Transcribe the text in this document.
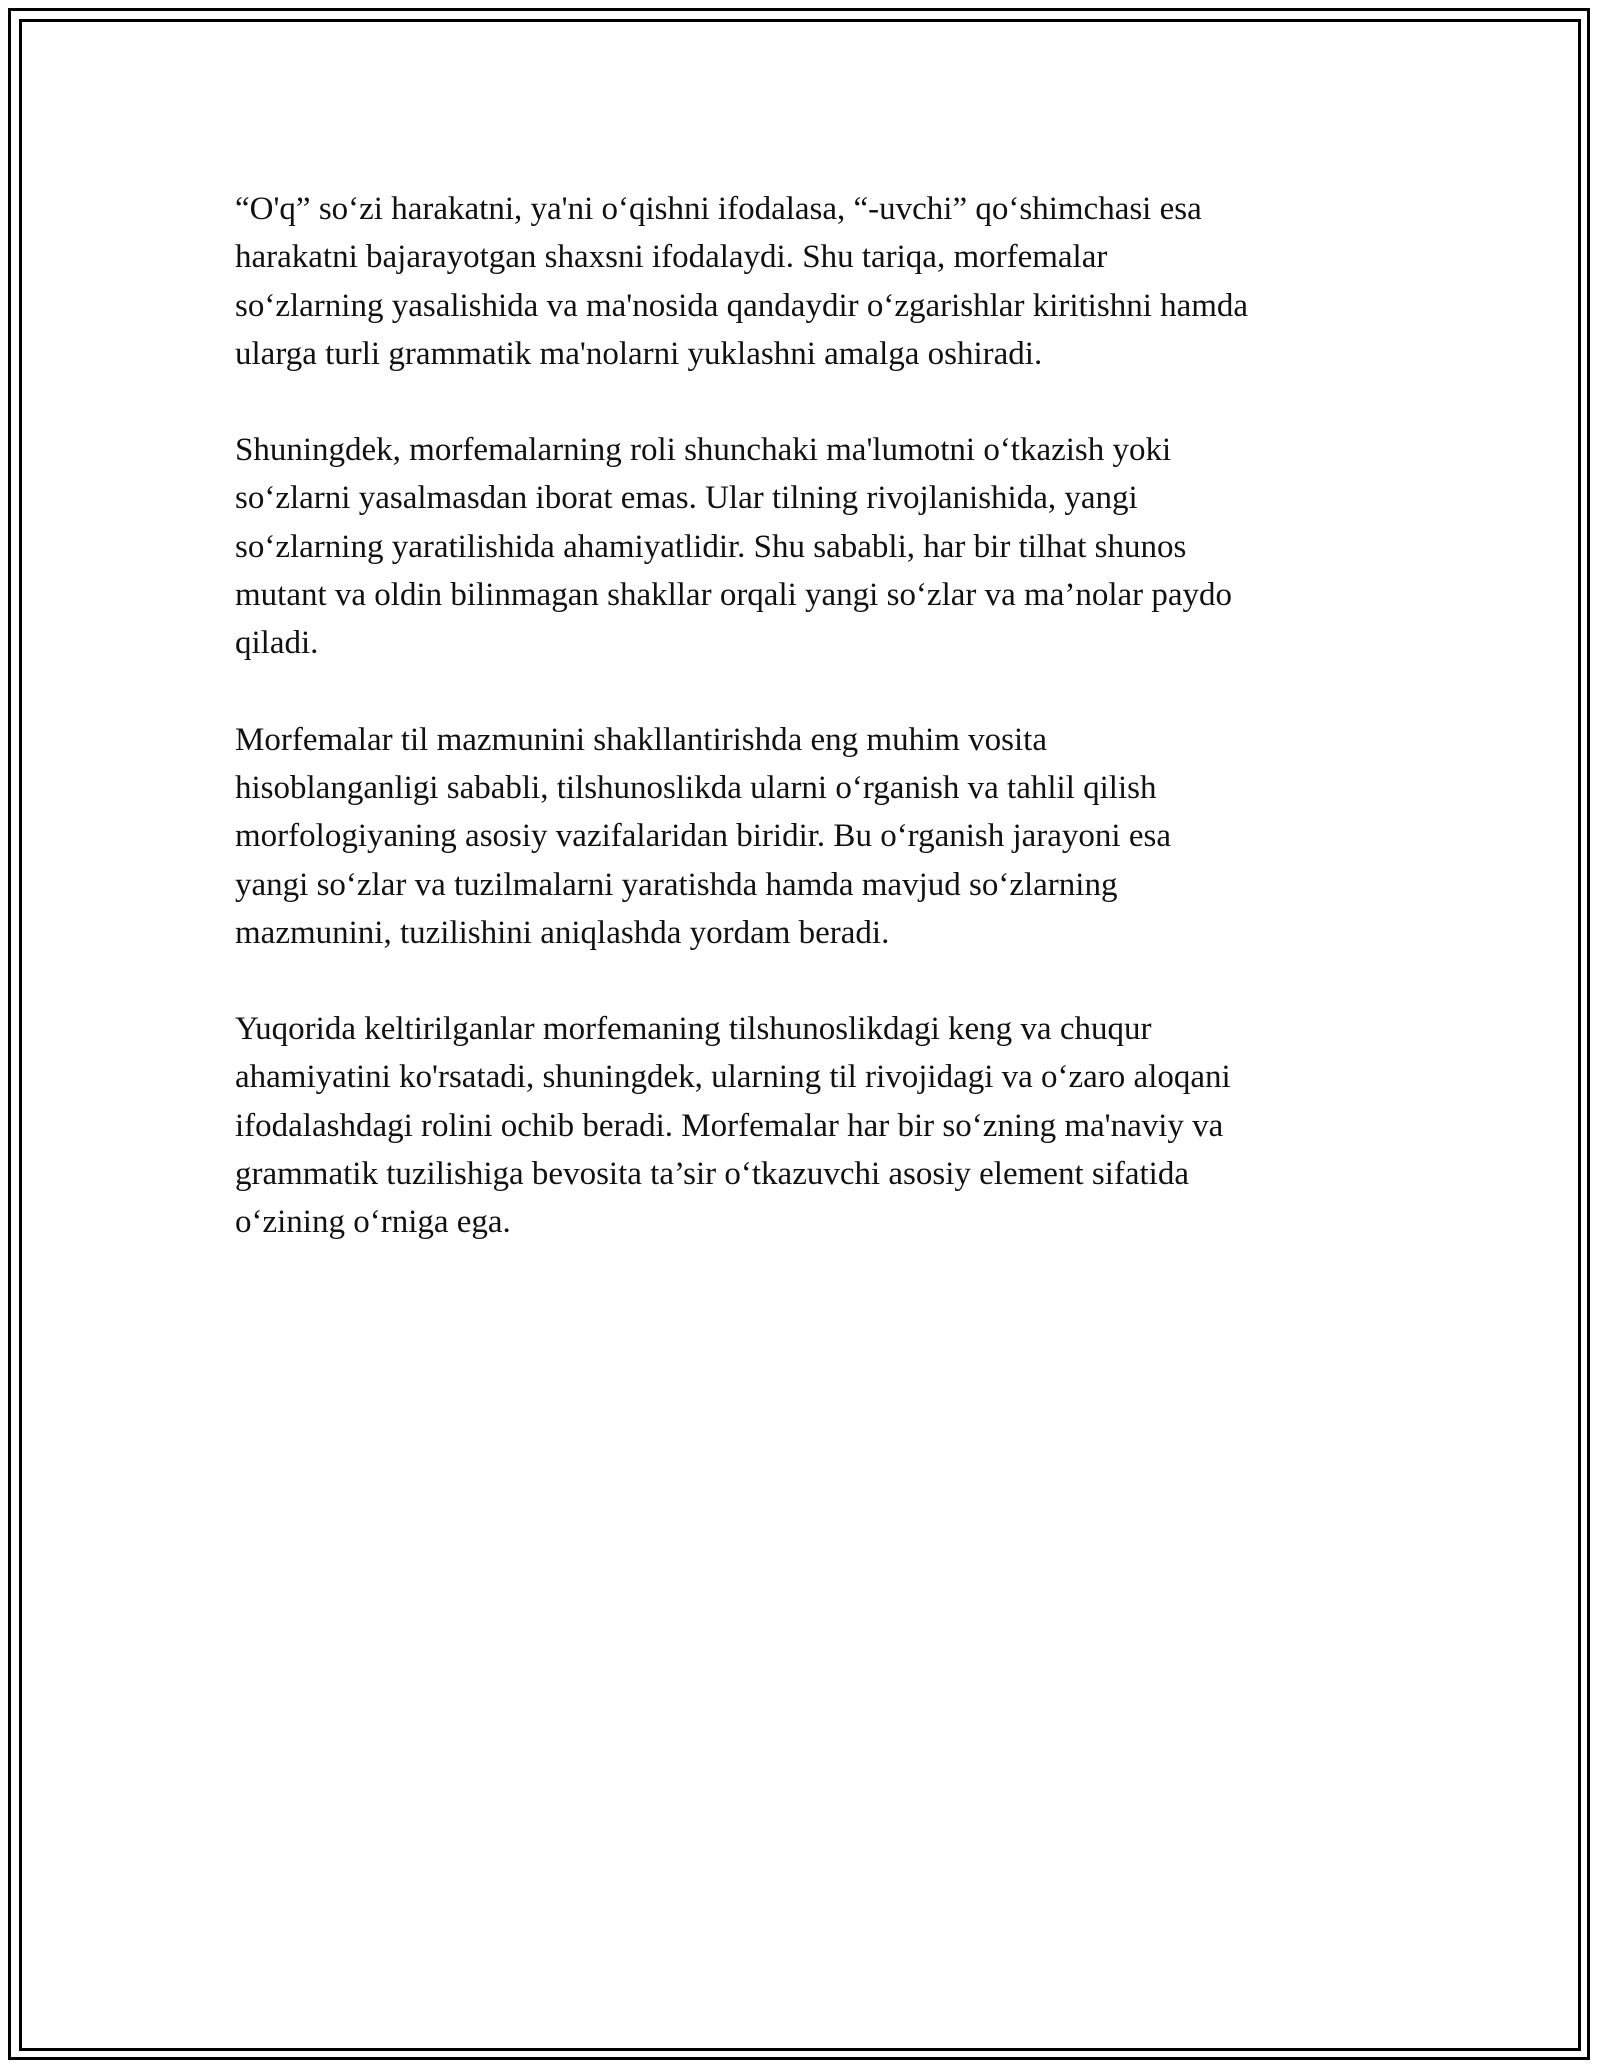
“O'q” so‘zi harakatni, ya'ni o‘qishni ifodalasa, “-uvchi” qo‘shimchasi esa
harakatni bajarayotgan shaxsni ifodalaydi. Shu tariqa, morfemalar
so‘zlarning yasalishida va ma'nosida qandaydir o‘zgarishlar kiritishni hamda
ularga turli grammatik ma'nolarni yuklashni amalga oshiradi.

Shuningdek, morfemalarning roli shunchaki ma'lumotni o‘tkazish yoki
so‘zlarni yasalmasdan iborat emas. Ular tilning rivojlanishida, yangi
so‘zlarning yaratilishida ahamiyatlidir. Shu sababli, har bir tilhat shunos
mutant va oldin bilinmagan shakllar orqali yangi so‘zlar va ma’nolar paydo
qiladi.

Morfemalar til mazmunini shakllantirishda eng muhim vosita
hisoblanganligi sababli, tilshunoslikda ularni o‘rganish va tahlil qilish
morfologiyaning asosiy vazifalaridan biridir. Bu o‘rganish jarayoni esa
yangi so‘zlar va tuzilmalarni yaratishda hamda mavjud so‘zlarning
mazmunini, tuzilishini aniqlashda yordam beradi.

Yuqorida keltirilganlar morfemaning tilshunoslikdagi keng va chuqur
ahamiyatini ko'rsatadi, shuningdek, ularning til rivojidagi va o‘zaro aloqani
ifodalashdagi rolini ochib beradi. Morfemalar har bir so‘zning ma'naviy va
grammatik tuzilishiga bevosita ta’sir o‘tkazuvchi asosiy element sifatida
o‘zining o‘rniga ega.
